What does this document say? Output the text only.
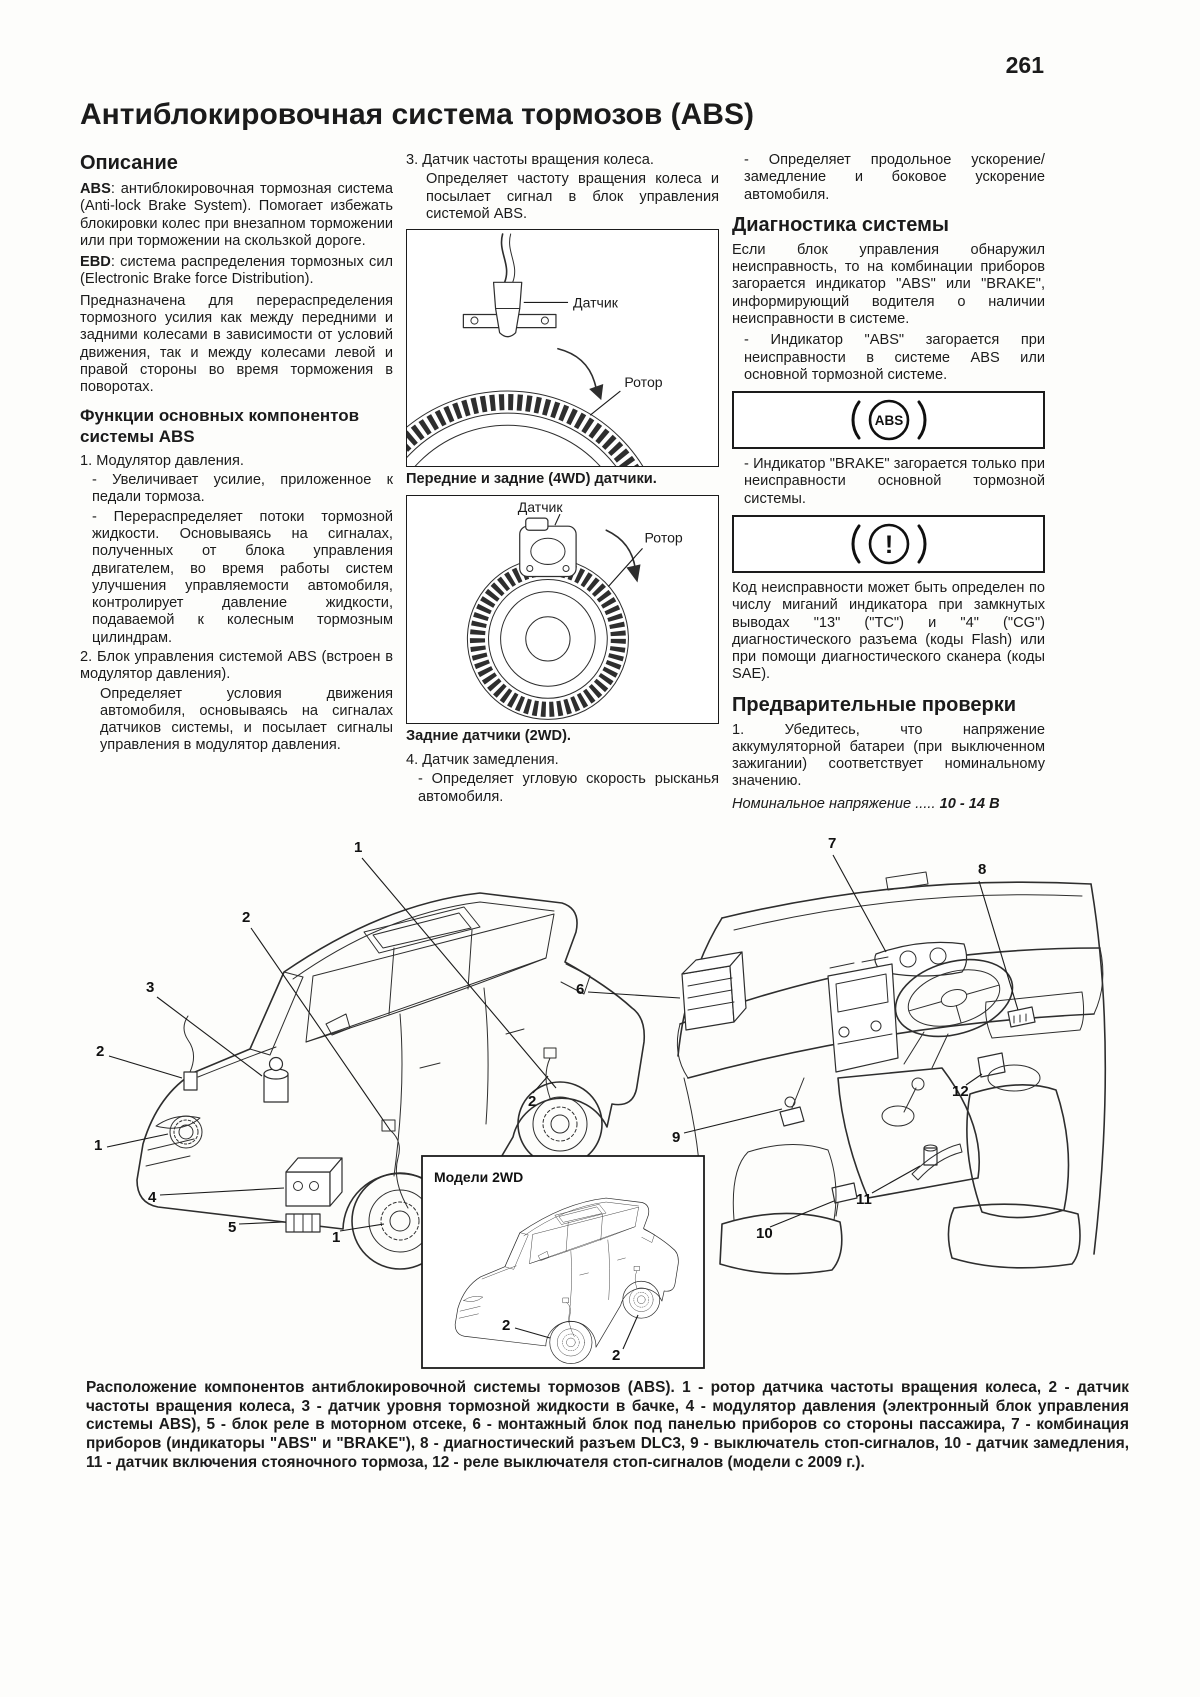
261
Антиблокировочная система тормозов (ABS)
Описание

ABS: антиблокировочная тормозная система (Anti-lock Brake System). Помогает избежать блокировки колес при внезапном торможении или при торможении на скользкой дороге.

EBD: система распределения тормозных сил (Electronic Brake force Distribution).

Предназначена для перераспределения тормозного усилия как между передними и задними колесами в зависимости от условий движения, так и между колесами левой и правой стороны во время торможения в поворотах.

Функции основных компонентов системы ABS

1. Модулятор давления.

- Увеличивает усилие, приложенное к педали тормоза.

- Перераспределяет потоки тормозной жидкости. Основываясь на сигналах, полученных от блока управления двигателем, во время работы систем улучшения управляемости автомобиля, контролирует давление жидкости, подаваемой к колесным тормозным цилиндрам.

2. Блок управления системой ABS (встроен в модулятор давления).

Определяет условия движения автомобиля, основываясь на сигналах датчиков системы, и посылает сигналы управления в модулятор давления.

3. Датчик частоты вращения колеса.

Определяет частоту вращения колеса и посылает сигнал в блок управления системой ABS.

Датчик
Ротор
Передние и задние (4WD) датчики.
Датчик
Ротор
Задние датчики (2WD).

4. Датчик замедления.

- Определяет угловую скорость рысканья автомобиля.

- Определяет продольное ускорение/замедление и боковое ускорение автомобиля.

Диагностика системы

Если блок управления обнаружил неисправность, то на комбинации приборов загорается индикатор "ABS" или "BRAKE", информирующий водителя о наличии неисправности в системе.

- Индикатор "ABS" загорается при неисправности в системе ABS или основной тормозной системе.

ABS

- Индикатор "BRAKE" загорается только при неисправности основной тормозной системы.

!

Код неисправности может быть определен по числу миганий индикатора при замкнутых выводах "13" ("TC") и "4" ("CG") диагностического разъема (коды Flash) или при помощи диагностического сканера (коды SAE).

Предварительные проверки

1. Убедитесь, что напряжение аккумуляторной батареи (при выключенном зажигании) соответствует номинальному значению.

Номинальное напряжение ..... 10 - 14 В

Модели 2WD
1
2
3
2
1
4
5
1
2
7
8
6
9
10
11
12
2
2
Расположение компонентов антиблокировочной системы тормозов (ABS). 1 - ротор датчика частоты вращения колеса, 2 - датчик частоты вращения колеса, 3 - датчик уровня тормозной жидкости в бачке, 4 - модулятор давления (электронный блок управления системы ABS), 5 - блок реле в моторном отсеке, 6 - монтажный блок под панелью приборов со стороны пассажира, 7 - комбинация приборов (индикаторы "ABS" и "BRAKE"), 8 - диагностический разъем DLC3, 9 - выключатель стоп-сигналов, 10 - датчик замедления, 11 - датчик включения стояночного тормоза, 12 - реле выключателя стоп-сигналов (модели с 2009 г.).
